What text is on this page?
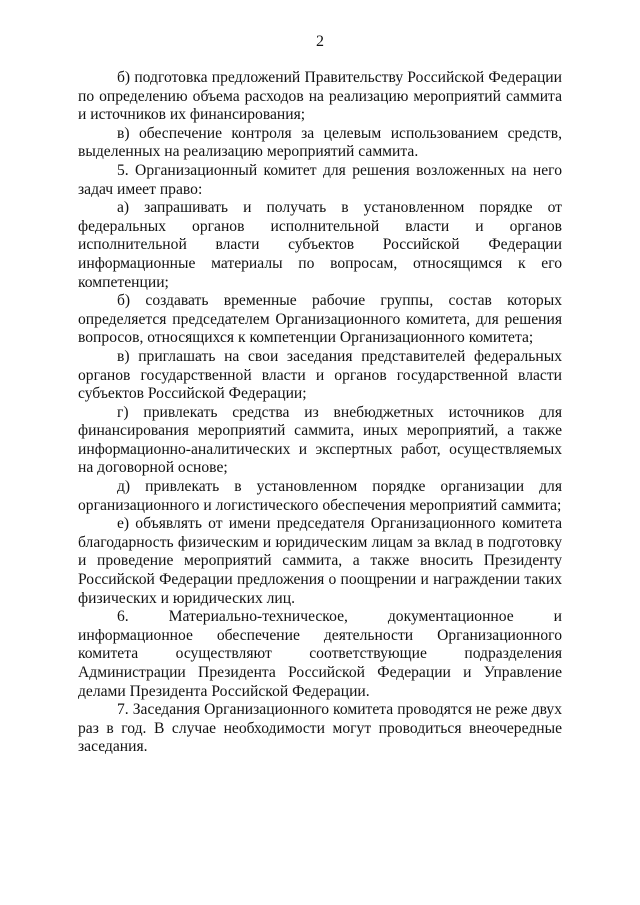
2

б) подготовка предложений Правительству Российской Федерации по определению объема расходов на реализацию мероприятий саммита и источников их финансирования;

в) обеспечение контроля за целевым использованием средств, выделенных на реализацию мероприятий саммита.

5. Организационный комитет для решения возложенных на него задач имеет право:

а) запрашивать и получать в установленном порядке от федеральных органов исполнительной власти и органов исполнительной власти субъектов Российской Федерации информационные материалы по вопросам, относящимся к его компетенции;

б) создавать временные рабочие группы, состав которых определяется председателем Организационного комитета, для решения вопросов, относящихся к компетенции Организационного комитета;

в) приглашать на свои заседания представителей федеральных органов государственной власти и органов государственной власти субъектов Российской Федерации;

г) привлекать средства из внебюджетных источников для финансирования мероприятий саммита, иных мероприятий, а также информационно-аналитических и экспертных работ, осуществляемых на договорной основе;

д) привлекать в установленном порядке организации для организационного и логистического обеспечения мероприятий саммита;

е) объявлять от имени председателя Организационного комитета благодарность физическим и юридическим лицам за вклад в подготовку и проведение мероприятий саммита, а также вносить Президенту Российской Федерации предложения о поощрении и награждении таких физических и юридических лиц.

6. Материально-техническое, документационное и информационное обеспечение деятельности Организационного комитета осуществляют соответствующие подразделения Администрации Президента Российской Федерации и Управление делами Президента Российской Федерации.

7. Заседания Организационного комитета проводятся не реже двух раз в год. В случае необходимости могут проводиться внеочередные заседания.
